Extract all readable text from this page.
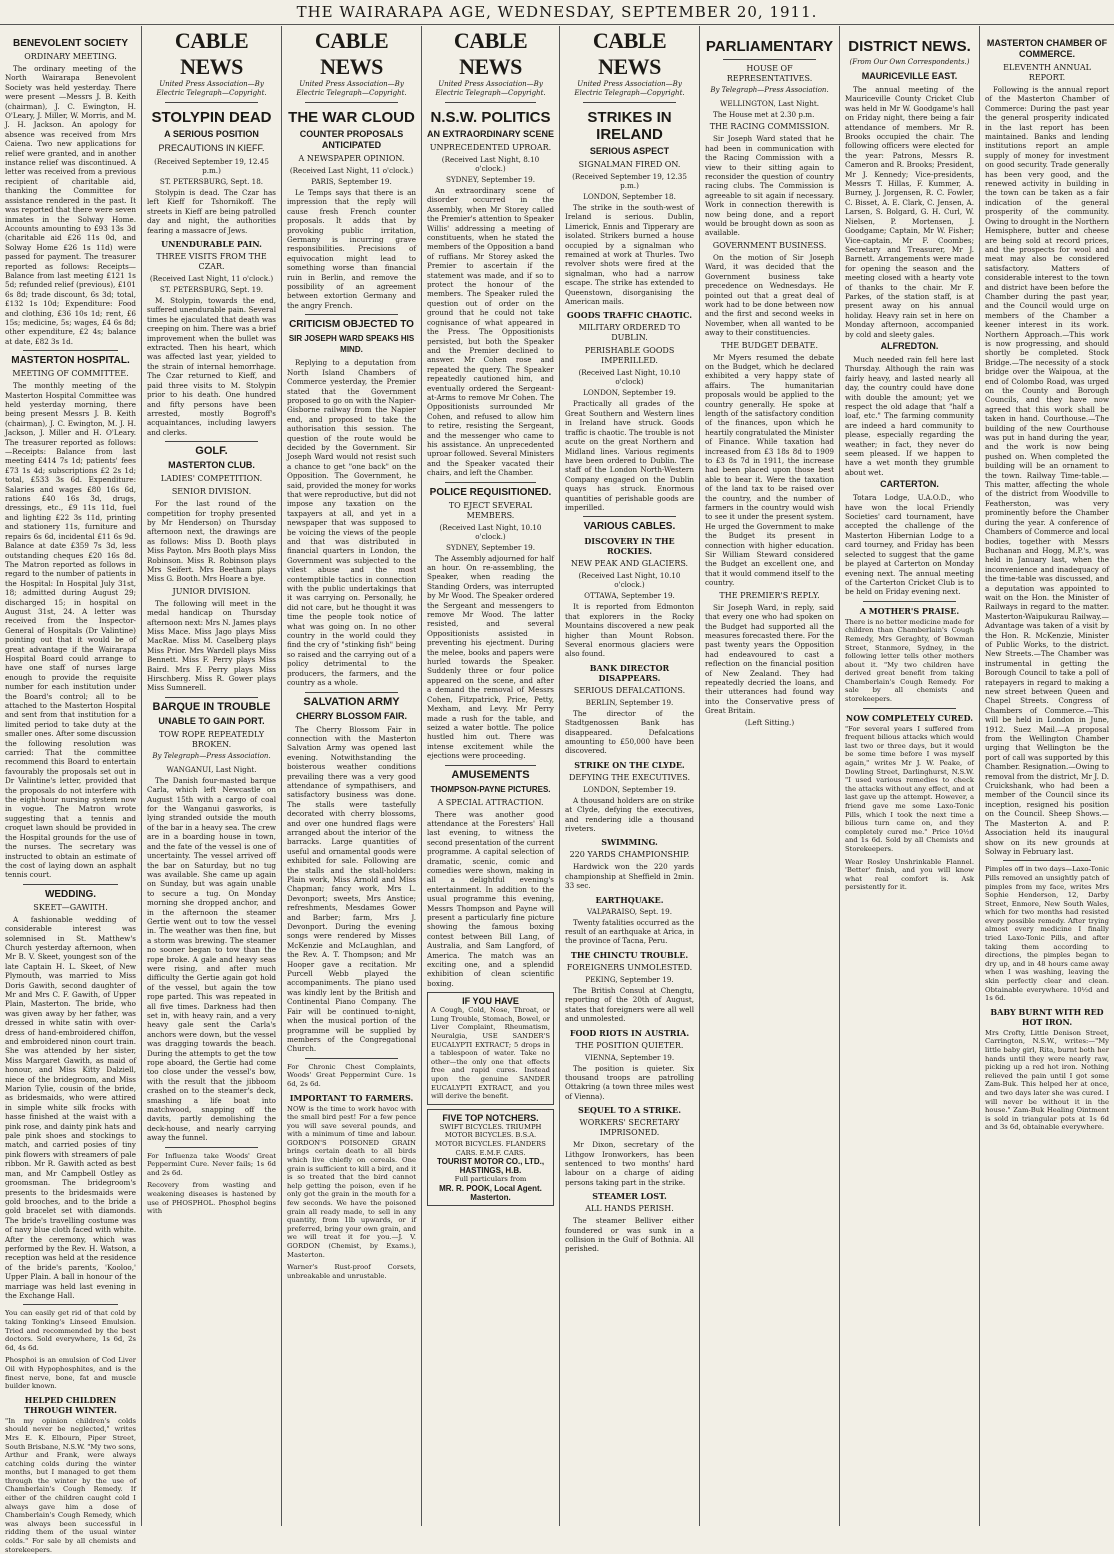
THE WAIRARAPA AGE, WEDNESDAY, SEPTEMBER 20, 1911.
BENEVOLENT SOCIETY
ORDINARY MEETING.

The ordinary meeting of the North Wairarapa Benevolent Society was held yesterday. There were present —Messrs J. B. Keith (chairman), J. C. Ewington, H. O'Leary, J. Miller, W. Morris, and M. J. H. Jackson. An apology for absence was received from Mrs Caiena. Two new applications for relief were granted, and in another instance relief was discontinued. A letter was received from a previous recipient of charitable aid, thanking the Committee for assistance rendered in the past. It was reported that there were seven inmates in the Solway Home. Accounts amounting to £93 13s 3d (charitable aid £26 11s 0d, and Solway Home £26 1s 11d) were passed for payment. The treasurer reported as follows: Receipts—Balance from last meeting £121 1s 5d; refunded relief (previous), £101 6s 8d; trade discount, 6s 3d; total, £132 1s 10d; Expenditure: Food and clothing, £36 10s 1d; rent, £6 15s; medicine, 5s; wages, £4 6s 8d; other expenditure, £2 4s; balance at date, £82 3s 1d.

MASTERTON HOSPITAL.
MEETING OF COMMITTEE.

The monthly meeting of the Masterton Hospital Committee was held yesterday morning, there being present Messrs J. B. Keith (chairman), J. C. Ewington, M. J. H. Jackson, J. Miller and H. O'Leary. The treasurer reported as follows: —Receipts: Balance from last meeting £414 7s 1d; patients' fees £73 1s 4d; subscriptions £2 2s 1d; total, £533 3s 6d. Expenditure: Salaries and wages £80 16s 6d, rations £40 16s 3d, drugs, dressings, etc., £9 11s 11d, fuel and lighting £22 3s 11d, printing and stationery 11s, furniture and repairs 6s 6d, incidental £11 6s 9d. Balance at date £359 7s 3d, less outstanding cheques £20 16s 8d. The Matron reported as follows in regard to the number of patients in the Hospital: In Hospital July 31st, 18; admitted during August 29; discharged 15; in hospital on August 31st, 24. A letter was received from the Inspector-General of Hospitals (Dr Valintine) pointing out that it would be of great advantage if the Wairarapa Hospital Board could arrange to have one staff of nurses large enough to provide the requisite number for each institution under the Board's control; all to be attached to the Masterton Hospital and sent from that institution for a limited period to take duty at the smaller ones. After some discussion the following resolution was carried: That the committee recommend this Board to entertain favourably the proposals set out in Dr Valintine's letter, provided that the proposals do not interfere with the eight-hour nursing system now in vogue. The Matron wrote suggesting that a tennis and croquet lawn should be provided in the Hospital grounds for the use of the nurses. The secretary was instructed to obtain an estimate of the cost of laying down an asphalt tennis court.

WEDDING.
SKEET—GAWITH.

A fashionable wedding of considerable interest was solemnised in St. Matthew's Church yesterday afternoon, when Mr B. V. Skeet, youngest son of the late Captain H. L. Skeet, of New Plymouth, was married to Miss Doris Gawith, second daughter of Mr and Mrs C. F. Gawith, of Upper Plain, Masterton. The bride, who was given away by her father, was dressed in white satin with over-dress of hand-embroidered chiffon, and embroidered ninon court train. She was attended by her sister, Miss Margaret Gawith, as maid of honour, and Miss Kitty Dalziell, niece of the bridegroom, and Miss Marion Tylie, cousin of the bride, as bridesmaids, who were attired in simple white silk frocks with hasse finished at the waist with a pink rose, and dainty pink hats and pale pink shoes and stockings to match, and carried posies of tiny pink flowers with streamers of pale ribbon. Mr R. Gawith acted as best man, and Mr Campbell Ostley as groomsman. The bridegroom's presents to the bridesmaids were gold brooches, and to the bride a gold bracelet set with diamonds. The bride's travelling costume was of navy blue cloth faced with white. After the ceremony, which was performed by the Rev. H. Watson, a reception was held at the residence of the bride's parents, 'Kooloo,' Upper Plain. A ball in honour of the marriage was held last evening in the Exchange Hall.

You can easily get rid of that cold by taking Tonking's Linseed Emulsion. Tried and recommended by the best doctors. Sold everywhere, 1s 6d, 2s 6d, 4s 6d.
Phosphoi is an emulsion of Cod Liver Oil with Hypophosphites, and is the finest nerve, bone, fat and muscle builder known.
HELPED CHILDREN THROUGH WINTER.
"In my opinion children's colds should never be neglected," writes Mrs E. K. Elbourn, Piper Street, South Brisbane, N.S.W. "My two sons, Arthur and Frank, were always catching colds during the winter months, but I managed to get them through the winter by the use of Chamberlain's Cough Remedy. If either of the children caught cold I always gave him a dose of Chamberlain's Cough Remedy, which was always been successful in ridding them of the usual winter colds." For sale by all chemists and storekeepers.
CABLE NEWS
United Press Association—By Electric Telegraph—Copyright.
STOLYPIN DEAD
A SERIOUS POSITION
PRECAUTIONS IN KIEFF.
(Received September 19, 12.45 p.m.)
ST. PETERSBURG, Sept. 18.

Stolypin is dead. The Czar has left Kieff for Tshornikoff. The streets in Kieff are being patrolled day and night, the authorities fearing a massacre of Jews.

UNENDURABLE PAIN.
THREE VISITS FROM THE CZAR.
(Received Last Night, 11 o'clock.)
ST. PETERSBURG, Sept. 19.

M. Stolypin, towards the end, suffered unendurable pain. Several times he ejaculated that death was creeping on him. There was a brief improvement when the bullet was extracted. Then his heart, which was affected last year, yielded to the strain of internal hemorrhage. The Czar returned to Kieff, and paid three visits to M. Stolypin prior to his death. One hundred and fifty persons have been arrested, mostly Bogroff's acquaintances, including lawyers and clerks.

GOLF.
MASTERTON CLUB.
LADIES' COMPETITION.
SENIOR DIVISION.

For the last round of the competition for trophy presented by Mr Henderson) on Thursday afternoon next, the drawings are as follows: Miss D. Booth plays Miss Payton. Mrs Booth plays Miss Robinson. Miss R. Robinson plays Mrs Seifert. Mrs Beetham plays Miss G. Booth. Mrs Hoare a bye.

JUNIOR DIVISION.

The following will meet in the medal handicap on Thursday afternoon next: Mrs N. James plays Miss Mace. Miss Jago plays Miss MacRae. Miss M. Caselberg plays Miss Prior. Mrs Wardell plays Miss Bennett. Miss F. Perry plays Miss Baird. Mrs F. Perry plays Miss Hirschberg. Miss R. Gower plays Miss Sumnerell.

BARQUE IN TROUBLE
UNABLE TO GAIN PORT.
TOW ROPE REPEATEDLY BROKEN.
By Telegraph—Press Association.
WANGANUI, Last Night.

The Danish four-masted barque Carla, which left Newcastle on August 15th with a cargo of coal for the Wanganui gasworks, is lying stranded outside the mouth of the bar in a heavy sea. The crew are in a boarding house in town, and the fate of the vessel is one of uncertainty. The vessel arrived off the bar on Saturday, but no tug was available. She came up again on Sunday, but was again unable to secure a tug. On Monday morning she dropped anchor, and in the afternoon the steamer Gertie went out to tow the vessel in. The weather was then fine, but a storm was brewing. The steamer no sooner began to tow than the rope broke. A gale and heavy seas were rising, and after much difficulty the Gertie again got hold of the vessel, but again the tow rope parted. This was repeated in all five times. Darkness had then set in, with heavy rain, and a very heavy gale sent the Carla's anchors were down, but the vessel was dragging towards the beach. During the attempts to get the tow rope aboard, the Gertie had come too close under the vessel's bow, with the result that the jibboom crashed on to the steamer's deck, smashing a life boat into matchwood, snapping off the davits, partly demolishing the deck-house, and nearly carrying away the funnel.

For Influenza take Woods' Great Peppermint Cure. Never fails; 1s 6d and 2s 6d.
Recovery from wasting and weakening diseases is hastened by use of PHOSPHOL. Phosphol begins with
CABLE NEWS
United Press Association—By Electric Telegraph—Copyright.
THE WAR CLOUD
COUNTER PROPOSALS ANTICIPATED
A NEWSPAPER OPINION.
(Received Last Night, 11 o'clock.)
PARIS, September 19.

Le Temps says that there is an impression that the reply will cause fresh French counter proposals. It adds that by provoking public irritation, Germany is incurring grave responsibilities. Precisions of equivocation might lead to something worse than financial ruin in Berlin, and remove the possibility of an agreement between extortion Germany and the angry French.

CRITICISM OBJECTED TO
SIR JOSEPH WARD SPEAKS HIS MIND.

Replying to a deputation from North Island Chambers of Commerce yesterday, the Premier stated that the Government proposed to go on with the Napier-Gisborne railway from the Napier end, and proposed to take the authorisation this session. The question of the route would be decided by the Government. Sir Joseph Ward would not resist such a chance to get "one back" on the Opposition. The Government, he said, provided the money for works that were reproductive, but did not impose any taxation on the taxpayers at all, and yet in a newspaper that was supposed to be voicing the views of the people and that was distributed in financial quarters in London, the Government was subjected to the vilest abuse and the most contemptible tactics in connection with the public undertakings that it was carrying on. Personally, he did not care, but he thought it was time the people took notice of what was going on. In no other country in the world could they find the cry of "stinking fish" being so raised and the carrying out of a policy detrimental to the producers, the farmers, and the country as a whole.

SALVATION ARMY
CHERRY BLOSSOM FAIR.

The Cherry Blossom Fair in connection with the Masterton Salvation Army was opened last evening. Notwithstanding the boisterous weather conditions prevailing there was a very good attendance of sympathisers, and satisfactory business was done. The stalls were tastefully decorated with cherry blossoms, and over one hundred flags were arranged about the interior of the barracks. Large quantities of useful and ornamental goods were exhibited for sale. Following are the stalls and the stall-holders: Plain work, Miss Arnold and Miss Chapman; fancy work, Mrs L. Devonport; sweets, Mrs Anstice; refreshments, Mesdames Gower and Barber; farm, Mrs J. Devonport. During the evening songs were rendered by Misses McKenzie and McLaughlan, and the Rev. A. T. Thompson; and Mr Hooper gave a recitation. Mr Purcell Webb played the accompaniments. The piano used was kindly lent by the British and Continental Piano Company. The Fair will be continued to-night, when the musical portion of the programme will be supplied by members of the Congregational Church.

For Chronic Chest Complaints, Woods' Great Peppermint Cure. 1s 6d, 2s 6d.
IMPORTANT TO FARMERS.
NOW is the time to work havoc with the small bird pest! For a few pence you will save several pounds, and with a minimum of time and labour. GORDON'S POISONED GRAIN brings certain death to all birds which live chiefly on cereals. One grain is sufficient to kill a bird, and it is so treated that the bird cannot help getting the poison, even if he only got the grain in the mouth for a few seconds. We have the poisoned grain all ready made, to sell in any quantity, from 1lb upwards, or if preferred, bring your own grain, and we will treat it for you.—J. V. GORDON (Chemist, by Exams.), Masterton.
Warner's Rust-proof Corsets, unbreakable and unrustable.
CABLE NEWS
United Press Association—By Electric Telegraph—Copyright.
N.S.W. POLITICS
AN EXTRAORDINARY SCENE
UNPRECEDENTED UPROAR.
(Received Last Night, 8.10 o'clock.)
SYDNEY, September 19.

An extraordinary scene of disorder occurred in the Assembly, when Mr Storey called the Premier's attention to Speaker Willis' addressing a meeting of constituents, when he stated the members of the Opposition a band of ruffians. Mr Storey asked the Premier to ascertain if the statement was made, and if so to protect the honour of the members. The Speaker ruled the question out of order on the ground that he could not take cognisance of what appeared in the Press. The Oppositionists persisted, but both the Speaker and the Premier declined to answer. Mr Cohen rose and repeated the query. The Speaker repeatedly cautioned him, and eventually ordered the Sergeant-at-Arms to remove Mr Cohen. The Oppositionists surrounded Mr Cohen, and refused to allow him to retire, resisting the Sergeant, and the messenger who came to his assistance. An unprecedented uproar followed. Several Ministers and the Speaker vacated their chairs, and left the Chamber.

POLICE REQUISITIONED.
TO EJECT SEVERAL MEMBERS.
(Received Last Night, 10.10 o'clock.)
SYDNEY, September 19.

The Assembly adjourned for half an hour. On re-assembling, the Speaker, when reading the Standing Orders, was interrupted by Mr Wood. The Speaker ordered the Sergeant and messengers to remove Mr Wood. The latter resisted, and several Oppositionists assisted in preventing his ejectment. During the melee, books and papers were hurled towards the Speaker. Suddenly three or four police appeared on the scene, and after a demand the removal of Messrs Cohen, Fitzpatrick, Price, Petty, Mexham, and Levy. Mr Perry made a rush for the table, and seized a water bottle. The police hustled him out. There was intense excitement while the ejections were proceeding.

AMUSEMENTS
THOMPSON-PAYNE PICTURES.
A SPECIAL ATTRACTION.

There was another good attendance at the Foresters' Hall last evening, to witness the second presentation of the current programme. A capital selection of dramatic, scenic, comic and comedies were shown, making in all a delightful evening's entertainment. In addition to the usual programme this evening, Messrs Thompson and Payne will present a particularly fine picture showing the famous boxing contest between Bill Lang, of Australia, and Sam Langford, of America. The match was an exciting one, and a splendid exhibition of clean scientific boxing.

IF YOU HAVE
A Cough, Cold, Nose, Throat, or Lung Trouble, Stomach, Bowel, or Liver Complaint, Rheumatism, Neuralgia, USE SANDER'S EUCALYPTI EXTRACT; 5 drops in a tablespoon of water. Take no other—the only one that effects free and rapid cures. Instead upon the genuine SANDER EUCALYPTI EXTRACT, and you will derive the benefit.
FIVE TOP NOTCHERS.
SWIFT BICYCLES. TRIUMPH MOTOR BICYCLES. B.S.A. MOTOR BICYCLES. FLANDERS CARS. E.M.F. CARS.
TOURIST MOTOR CO., LTD., HASTINGS, H.B.
Full particulars from
MR. R. POOK, Local Agent. Masterton.
CABLE NEWS
United Press Association—By Electric Telegraph—Copyright.
STRIKES IN IRELAND
SERIOUS ASPECT
SIGNALMAN FIRED ON.
(Received September 19, 12.35 p.m.)
LONDON, September 18.

The strike in the south-west of Ireland is serious. Dublin, Limerick, Ennis and Tipperary are isolated. Strikers burned a house occupied by a signalman who remained at work at Thurles. Two revolver shots were fired at the signalman, who had a narrow escape. The strike has extended to Queenstown, disorganising the American mails.

GOODS TRAFFIC CHAOTIC.
MILITARY ORDERED TO DUBLIN.
PERISHABLE GOODS IMPERILLED.
(Received Last Night, 10.10 o'clock)
LONDON, September 19.

Practically all grades of the Great Southern and Western lines in Ireland have struck. Goods traffic is chaotic. The trouble is not acute on the great Northern and Midland lines. Various regiments have been ordered to Dublin. The staff of the London North-Western Company engaged on the Dublin quays has struck. Enormous quantities of perishable goods are imperilled.

VARIOUS CABLES.
DISCOVERY IN THE ROCKIES.
NEW PEAK AND GLACIERS.
(Received Last Night, 10.10 o'clock.)
OTTAWA, September 19.

It is reported from Edmonton that explorers in the Rocky Mountains discovered a new peak higher than Mount Robson. Several enormous glaciers were also found.

BANK DIRECTOR DISAPPEARS.
SERIOUS DEFALCATIONS.
BERLIN, September 19.

The director of the Stadtgenossen Bank has disappeared. Defalcations amounting to £50,000 have been discovered.

STRIKE ON THE CLYDE.
DEFYING THE EXECUTIVES.
LONDON, September 19.

A thousand holders are on strike at Clyde, defying the executives, and rendering idle a thousand riveters.

SWIMMING.
220 YARDS CHAMPIONSHIP.

Hardwick won the 220 yards championship at Sheffield in 2min. 33 sec.

EARTHQUAKE.
VALPARAISO, Sept. 19.

Twenty fatalities occurred as the result of an earthquake at Arica, in the province of Tacna, Peru.

THE CHINCTU TROUBLE.
FOREIGNERS UNMOLESTED.
PEKING, September 19.

The British Consul at Chengtu, reporting of the 20th of August, states that foreigners were all well and unmolested.

FOOD RIOTS IN AUSTRIA.
THE POSITION QUIETER.
VIENNA, September 19.

The position is quieter. Six thousand troops are patrolling Ottakring (a town three miles west of Vienna).

SEQUEL TO A STRIKE.
WORKERS' SECRETARY IMPRISONED.

Mr Dixon, secretary of the Lithgow Ironworkers, has been sentenced to two months' hard labour on a charge of aiding persons taking part in the strike.

STEAMER LOST.
ALL HANDS PERISH.

The steamer Belliver either foundered or was sunk in a collision in the Gulf of Bothnia. All perished.

PARLIAMENTARY
HOUSE OF REPRESENTATIVES.
By Telegraph—Press Association.
WELLINGTON, Last Night.

The House met at 2.30 p.m.

THE RACING COMMISSION.

Sir Joseph Ward stated that he had been in communication with the Racing Commission with a view to their sitting again to reconsider the question of country racing clubs. The Commission is agreeable to sit again if necessary. Work in connection therewith is now being done, and a report would be brought down as soon as available.

GOVERNMENT BUSINESS.

On the motion of Sir Joseph Ward, it was decided that the Government business take precedence on Wednesdays. He pointed out that a great deal of work had to be done between now and the first and second weeks in November, when all wanted to be away to their constituencies.

THE BUDGET DEBATE.

Mr Myers resumed the debate on the Budget, which he declared exhibited a very happy state of affairs. The humanitarian proposals would be applied to the country generally. He spoke at length of the satisfactory condition of the finances, upon which he heartily congratulated the Minister of Finance. While taxation had increased from £3 18s 8d to 1909 to £3 8s 7d in 1911, the increase had been placed upon those best able to bear it. Were the taxation of the land tax to be raised over the country, and the number of farmers in the country would wish to see it under the present system. He urged the Government to make the Budget its present in connection with higher education. Sir William Steward considered the Budget an excellent one, and that it would commend itself to the country.

THE PREMIER'S REPLY.

Sir Joseph Ward, in reply, said that every one who had spoken on the Budget had supported all the measures forecasted there. For the past twenty years the Opposition had endeavoured to cast a reflection on the financial position of New Zealand. They had repeatedly decried the loans, and their utterances had found way into the Conservative press of Great Britain.

(Left Sitting.)
DISTRICT NEWS.
(From Our Own Correspondents.)
MAURICEVILLE EAST.

The annual meeting of the Mauriceville County Cricket Club was held in Mr W. Goodgame's hall on Friday night, there being a fair attendance of members. Mr R. Brooks occupied the chair. The following officers were elected for the year: Patrons, Messrs R. Cameron and R. Brooks; President, Mr J. Kennedy; Vice-presidents, Messrs T. Hillas, F. Kummer, A. Burney, J. Jorgensen, R. C. Fowler, C. Bisset, A. E. Clark, C. Jensen, A. Larsen, S. Bolgard, G. H. Curl, W. Nielsen, P. Mortensen, J. Goodgame; Captain, Mr W. Fisher; Vice-captain, Mr F. Coombes; Secretary and Treasurer, Mr J. Barnett. Arrangements were made for opening the season and the meeting closed with a hearty vote of thanks to the chair. Mr F. Parkes, of the station staff, is at present away on his annual holiday. Heavy rain set in here on Monday afternoon, accompanied by cold and sleety gales.

ALFREDTON.

Much needed rain fell here last Thursday. Although the rain was fairly heavy, and lasted nearly all day, the country could have done with double the amount; yet we respect the old adage that "half a loaf, etc." The farming community are indeed a hard community to please, especially regarding the weather; in fact, they never do seem pleased. If we happen to have a wet month they grumble about wet.

CARTERTON.

Totara Lodge, U.A.O.D., who have won the local Friendly Societies' card tournament, have accepted the challenge of the Masterton Hibernian Lodge to a card tourney, and Friday has been selected to suggest that the game be played at Carterton on Monday evening next. The annual meeting of the Carterton Cricket Club is to be held on Friday evening next.

A MOTHER'S PRAISE.
There is no better medicine made for children than Chamberlain's Cough Remedy, Mrs Geraghty, of Bowman Street, Stanmore, Sydney, in the following letter tells other mothers about it. "My two children have derived great benefit from taking Chamberlain's Cough Remedy. For sale by all chemists and storekeepers.
NOW COMPLETELY CURED.
"For several years I suffered from frequent bilious attacks which would last two or three days, but it would be some time before I was myself again," writes Mr J. W. Peake, of Dowling Street, Darlinghurst, N.S.W. "I used various remedies to check the attacks without any effect, and at last gave up the attempt. However, a friend gave me some Laxo-Tonic Pills, which I took the next time a bilious turn came on, and they completely cured me." Price 10½d and 1s 6d. Sold by all Chemists and Storekeepers.
Wear Rosley Unshrinkable Flannel. 'Better' finish, and you will know what real comfort is. Ask persistently for it.
MASTERTON CHAMBER OF COMMERCE.
ELEVENTH ANNUAL REPORT.

Following is the annual report of the Masterton Chamber of Commerce: During the past year the general prosperity indicated in the last report has been maintained. Banks and lending institutions report an ample supply of money for investment on good security. Trade generally has been very good, and the renewed activity in building in the town can be taken as a fair indication of the general prosperity of the community. Owing to drought in the Northern Hemisphere, butter and cheese are being sold at record prices, and the prospects for wool and meat may also be considered satisfactory. Matters of considerable interest to the town and district have been before the Chamber during the past year, and the Council would urge on members of the Chamber a keener interest in its work. Northern Approach.—This work is now progressing, and should shortly be completed. Stock Bridge.—The necessity of a stock bridge over the Waipoua, at the end of Colombo Road, was urged on the County and Borough Councils, and they have now agreed that this work shall be taken in hand. Courthouse.—The building of the new Courthouse was put in hand during the year, and the work is now being pushed on. When completed the building will be an ornament to the town. Railway Time-table.—This matter, affecting the whole of the district from Woodville to Featherston, was very prominently before the Chamber during the year. A conference of Chambers of Commerce and local bodies, together with Messrs Buchanan and Hogg, M.P.'s, was held in January last, when the inconvenience and inadequacy of the time-table was discussed, and a deputation was appointed to wait on the Hon. the Minister of Railways in regard to the matter. Masterton-Waipukurau Railway.—Advantage was taken of a visit by the Hon. R. McKenzie, Minister of Public Works, to the district. New Streets.—The Chamber was instrumental in getting the Borough Council to take a poll of ratepayers in regard to making a new street between Queen and Chapel Streets. Congress of Chambers of Commerce.—This will be held in London in June, 1912. Suez Mail.—A proposal from the Wellington Chamber urging that Wellington be the port of call was supported by this Chamber. Resignation.—Owing to removal from the district, Mr J. D. Cruickshank, who had been a member of the Council since its inception, resigned his position on the Council. Sheep Shows.—The Masterton A. and P. Association held its inaugural show on its new grounds at Solway in February last.

Pimples off in two days—Laxo-Tonic Pills removed an unsightly patch of pimples from my face, writes Mrs Sophie Henderson, 12, Darby Street, Enmore, New South Wales, which for two months had resisted every possible remedy. After trying almost every medicine I finally tried Laxo-Tonic Pills, and after taking them according to directions, the pimples began to dry up, and in 48 hours came away when I was washing, leaving the skin perfectly clear and clean. Obtainable everywhere. 10½d and 1s 6d.
BABY BURNT WITH RED HOT IRON.
Mrs Crofty, Little Denison Street, Carrington, N.S.W., writes:—"My little baby girl, Rita, burnt both her hands until they were nearly raw, picking up a red hot iron. Nothing relieved the pain until I got some Zam-Buk. This helped her at once, and two days later she was cured. I will never be without it in the house." Zam-Buk Healing Ointment is sold in triangular pots at 1s 6d and 3s 6d, obtainable everywhere.
